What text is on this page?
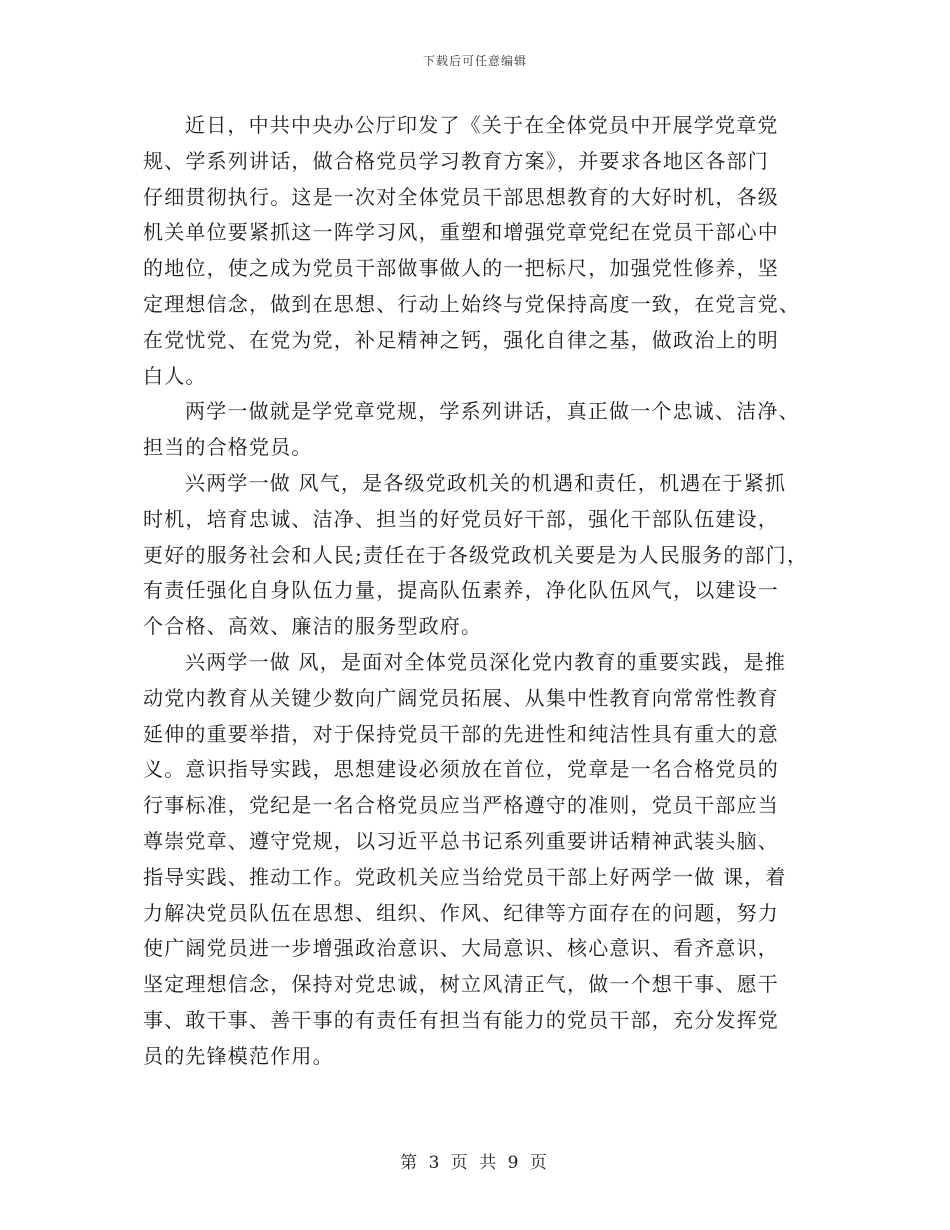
下载后可任意编辑
近日，中共中央办公厅印发了《关于在全体党员中开展学党章党
规、学系列讲话，做合格党员学习教育方案》，并要求各地区各部门
仔细贯彻执行。这是一次对全体党员干部思想教育的大好时机，各级
机关单位要紧抓这一阵学习风，重塑和增强党章党纪在党员干部心中
的地位，使之成为党员干部做事做人的一把标尺，加强党性修养，坚
定理想信念，做到在思想、行动上始终与党保持高度一致，在党言党、
在党忧党、在党为党，补足精神之钙，强化自律之基，做政治上的明
白人。
两学一做就是学党章党规，学系列讲话，真正做一个忠诚、洁净、
担当的合格党员。
兴两学一做 风气，是各级党政机关的机遇和责任，机遇在于紧抓
时机，培育忠诚、洁净、担当的好党员好干部，强化干部队伍建设，
更好的服务社会和人民;责任在于各级党政机关要是为人民服务的部门，
有责任强化自身队伍力量，提高队伍素养，净化队伍风气，以建设一
个合格、高效、廉洁的服务型政府。
兴两学一做 风，是面对全体党员深化党内教育的重要实践，是推
动党内教育从关键少数向广阔党员拓展、从集中性教育向常常性教育
延伸的重要举措，对于保持党员干部的先进性和纯洁性具有重大的意
义。意识指导实践，思想建设必须放在首位，党章是一名合格党员的
行事标准，党纪是一名合格党员应当严格遵守的准则，党员干部应当
尊崇党章、遵守党规，以习近平总书记系列重要讲话精神武装头脑、
指导实践、推动工作。党政机关应当给党员干部上好两学一做 课，着
力解决党员队伍在思想、组织、作风、纪律等方面存在的问题，努力
使广阔党员进一步增强政治意识、大局意识、核心意识、看齐意识，
坚定理想信念，保持对党忠诚，树立风清正气，做一个想干事、愿干
事、敢干事、善干事的有责任有担当有能力的党员干部，充分发挥党
员的先锋模范作用。
第 3 页 共 9 页
